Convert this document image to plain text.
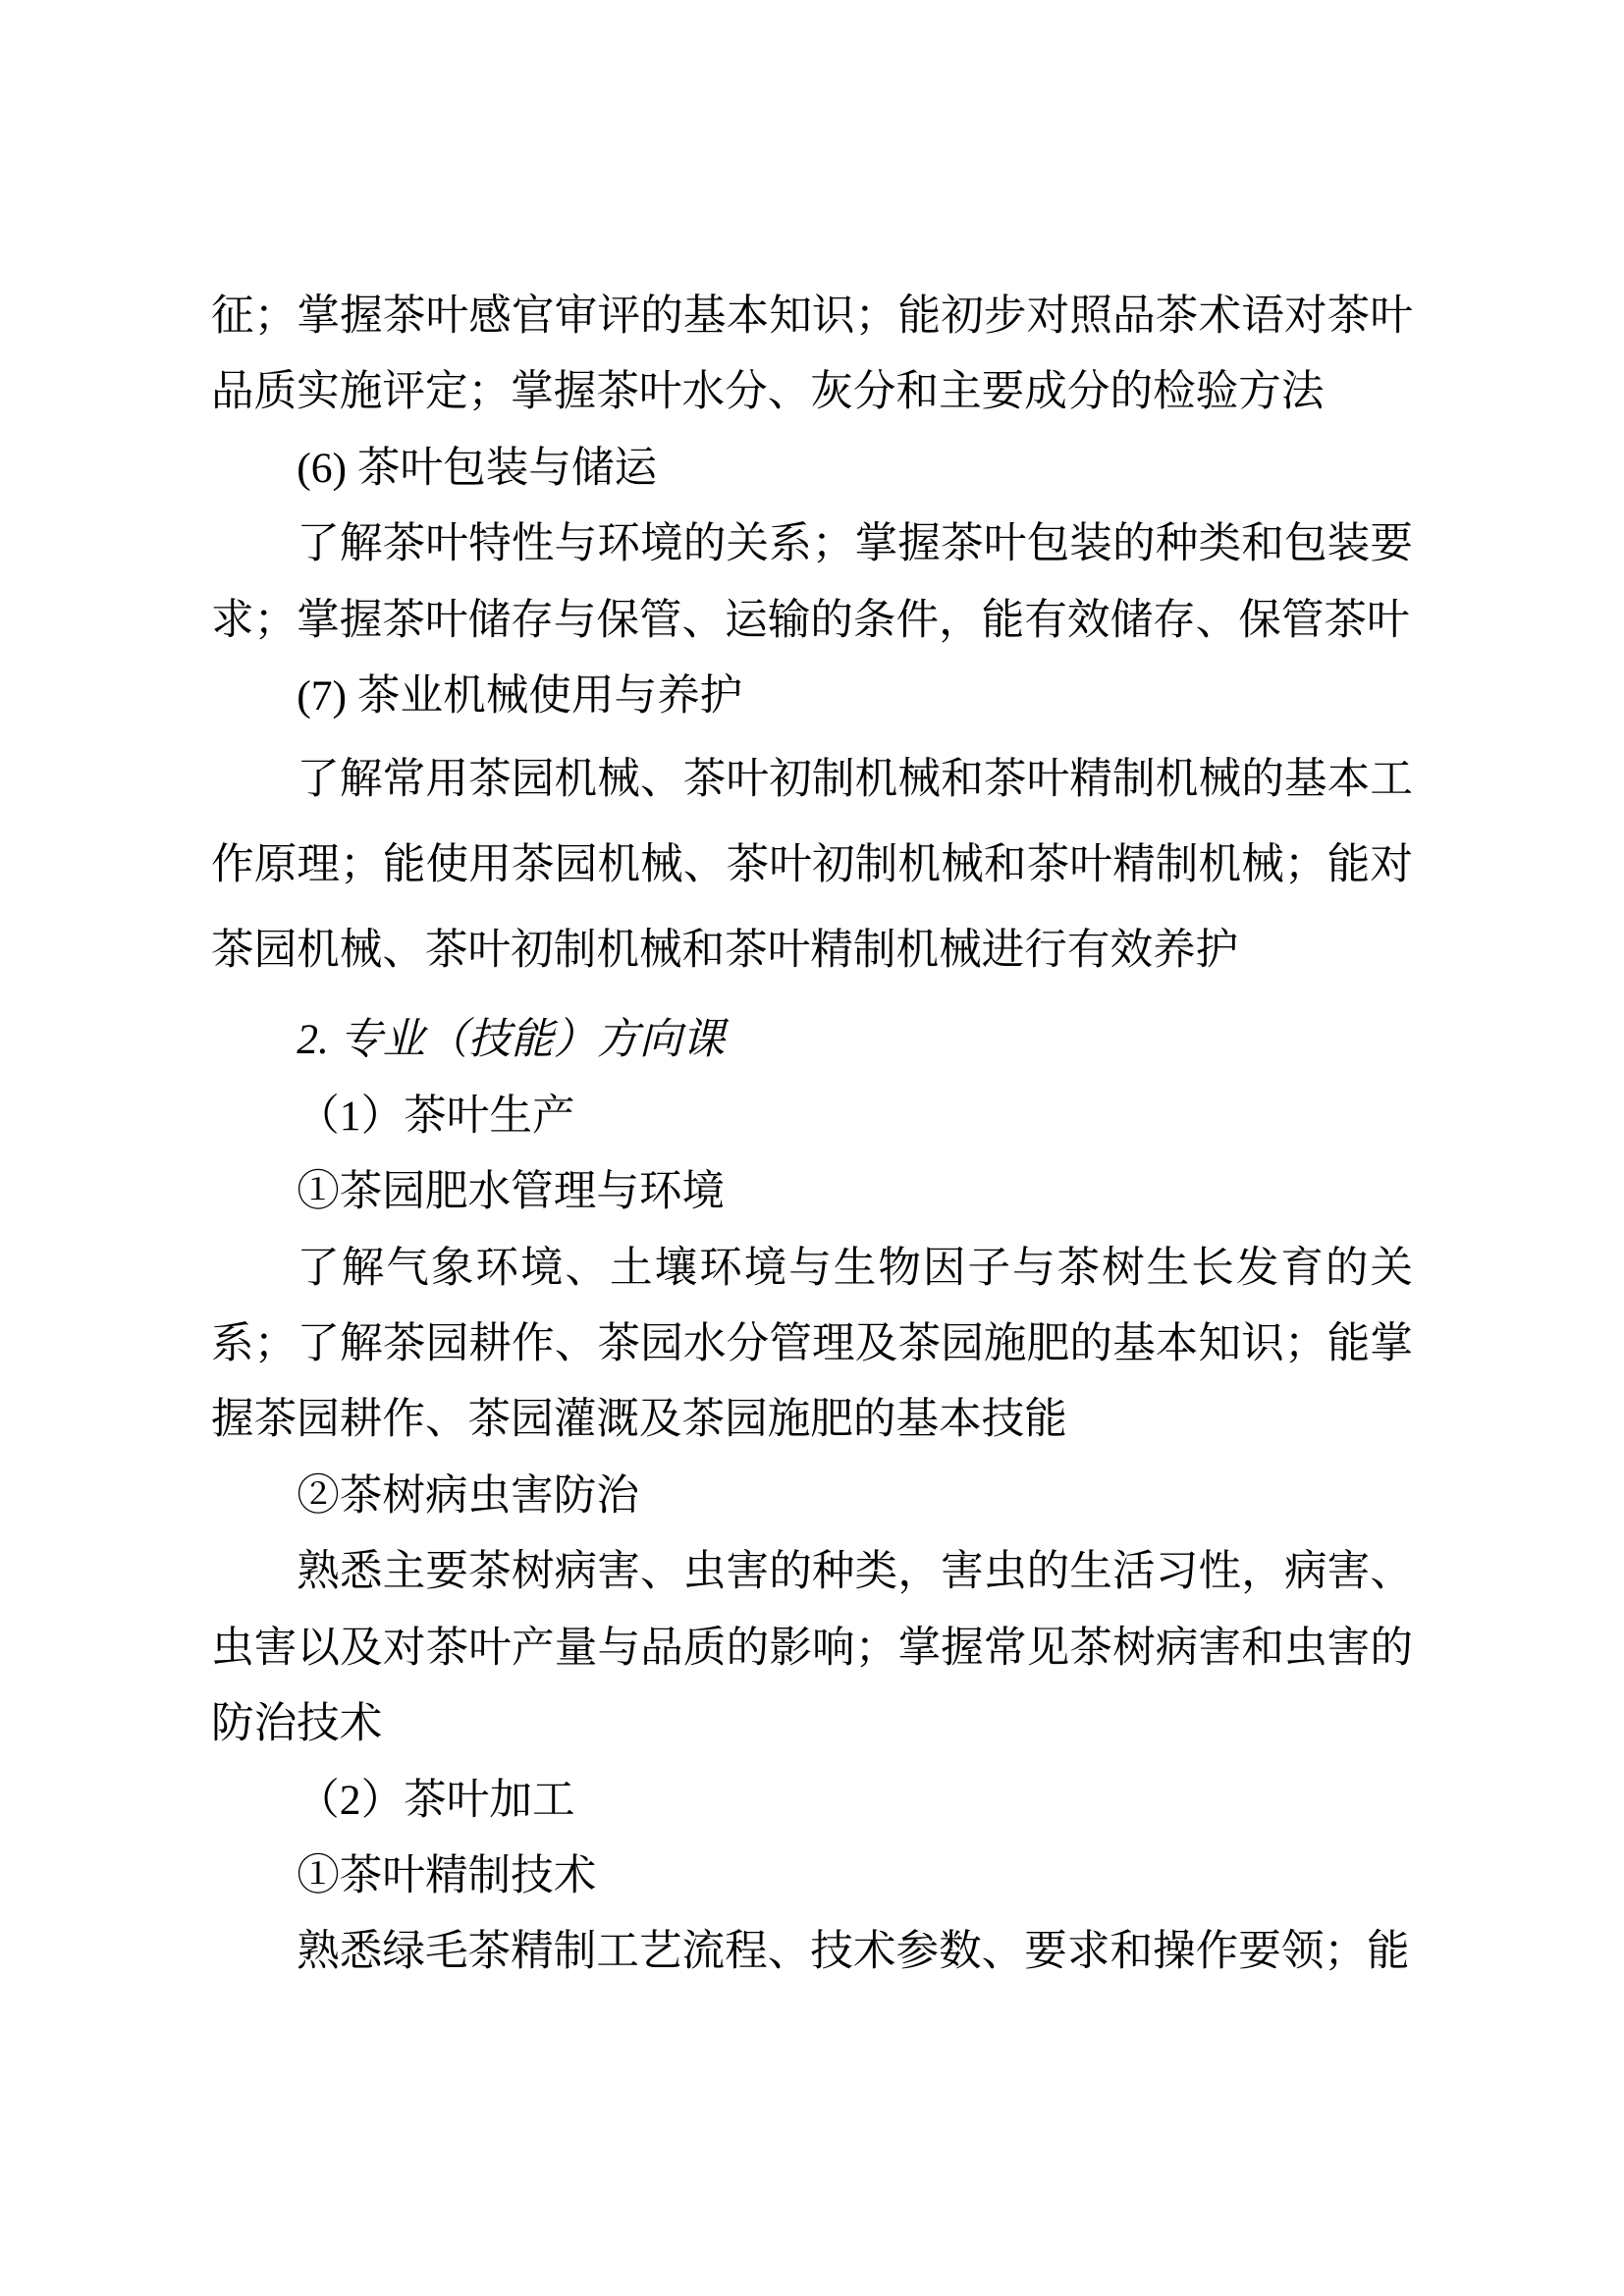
征；掌握茶叶感官审评的基本知识；能初步对照品茶术语对茶叶品质实施评定；掌握茶叶水分、灰分和主要成分的检验方法

(6) 茶叶包装与储运

了解茶叶特性与环境的关系；掌握茶叶包装的种类和包装要求；掌握茶叶储存与保管、运输的条件，能有效储存、保管茶叶

(7) 茶业机械使用与养护

了解常用茶园机械、茶叶初制机械和茶叶精制机械的基本工作原理；能使用茶园机械、茶叶初制机械和茶叶精制机械；能对茶园机械、茶叶初制机械和茶叶精制机械进行有效养护

2. 专业（技能）方向课

（1）茶叶生产

①茶园肥水管理与环境

了解气象环境、土壤环境与生物因子与茶树生长发育的关系；了解茶园耕作、茶园水分管理及茶园施肥的基本知识；能掌握茶园耕作、茶园灌溉及茶园施肥的基本技能

②茶树病虫害防治

熟悉主要茶树病害、虫害的种类，害虫的生活习性，病害、虫害以及对茶叶产量与品质的影响；掌握常见茶树病害和虫害的防治技术

（2）茶叶加工

①茶叶精制技术

熟悉绿毛茶精制工艺流程、技术参数、要求和操作要领；能
